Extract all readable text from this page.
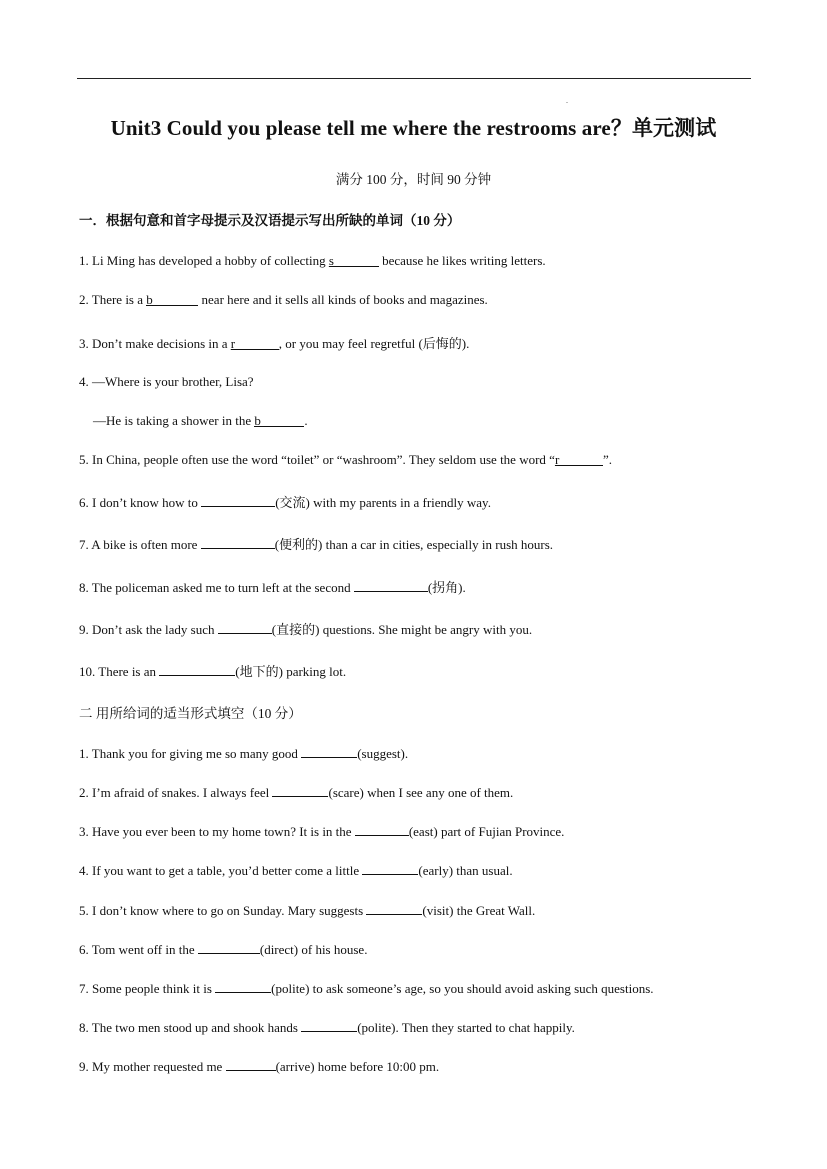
.
Unit3 Could you please tell me where the restrooms are？单元测试
满分 100 分，时间 90 分钟
一．根据句意和首字母提示及汉语提示写出所缺的单词（10 分）
1. Li Ming has developed a hobby of collecting s	because he likes writing letters.
2. There is a b	near here and it sells all kinds of books and magazines.
3. Don’t make decisions in a r	, or you may feel regretful (后悔的).
4. —Where is your brother, Lisa?
—He is taking a shower in the b	.
5. In China, people often use the word “toilet” or “washroom”. They seldom use the word “r	”.
6. I don’t know how to	(交流) with my parents in a friendly way.
7. A bike is often more	(便利的) than a car in cities, especially in rush hours.
8. The policeman asked me to turn left at the second	(拐角).
9. Don’t ask the lady such	(直接的) questions. She might be angry with you.
10. There is an	(地下的) parking lot.
二 用所给词的适当形式填空（10 分）
1. Thank you for giving me so many good	(suggest).
2. I’m afraid of snakes. I always feel	(scare) when I see any one of them.
3. Have you ever been to my home town? It is in the	(east) part of Fujian Province.
4. If you want to get a table, you’d better come a little	(early) than usual.
5. I don’t know where to go on Sunday. Mary suggests	(visit) the Great Wall.
6. Tom went off in the	(direct) of his house.
7. Some people think it is	(polite) to ask someone’s age, so you should avoid asking such questions.
8. The two men stood up and shook hands	(polite). Then they started to chat happily.
9. My mother requested me	(arrive) home before 10:00 pm.
